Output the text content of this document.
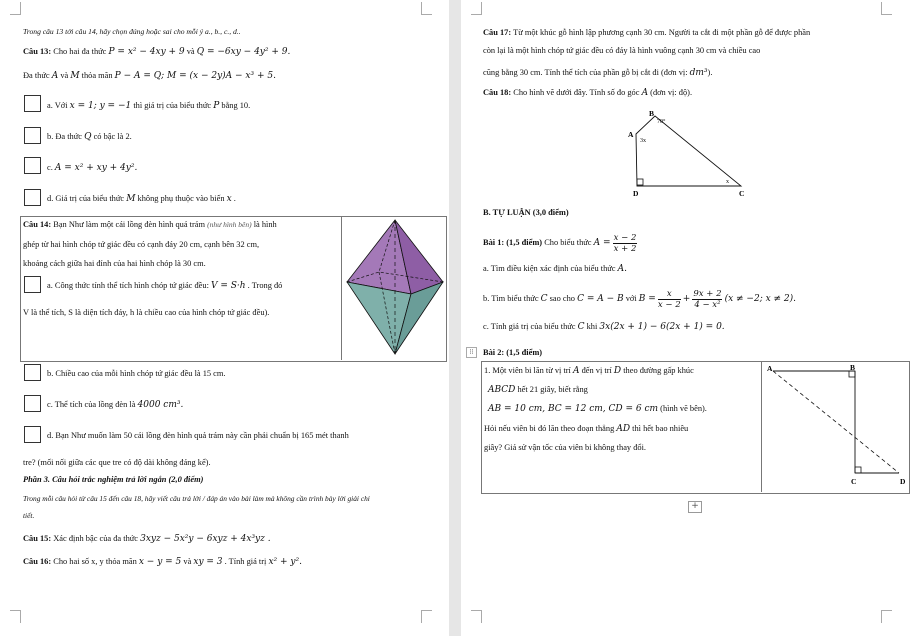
Trong câu 13 tới câu 14, hãy chọn đúng hoặc sai cho mỗi ý a., b., c., d..
Câu 13: Cho hai đa thức P = x² − 4xy + 9 và Q = −6xy − 4y² + 9.
Đa thức A và M thỏa mãn P − A = Q; M = (x − 2y)A − x³ + 5.
a. Với x = 1; y = −1 thì giá trị của biểu thức P bằng 10.
b. Đa thức Q có bậc là 2.
c. A = x² + xy + 4y².
d. Giá trị của biểu thức M không phụ thuộc vào biến x .
Câu 14: Bạn Như làm một cái lồng đèn hình quả trám (như hình bên) là hình
ghép từ hai hình chóp tứ giác đều có cạnh đáy 20 cm, cạnh bên 32 cm,
khoảng cách giữa hai đỉnh của hai hình chóp là 30 cm.
a. Công thức tính thể tích hình chóp tứ giác đều: V = S·h . Trong đó
V là thể tích, S là diện tích đáy, h là chiều cao của hình chóp tứ giác đều).
b. Chiều cao của mỗi hình chóp tứ giác đều là 15 cm.
c. Thể tích của lồng đèn là 4000 cm³.
d. Bạn Như muốn làm 50 cái lồng đèn hình quả trám này cần phải chuẩn bị 165 mét thanh
tre? (mối nối giữa các que tre có độ dài không đáng kể).
Phần 3. Câu hỏi trắc nghiệm trả lời ngắn (2,0 điểm)
Trong mỗi câu hỏi từ câu 15 đến câu 18, hãy viết câu trả lời / đáp án vào bài làm mà không cần trình bày lời giải chi
tiết.
Câu 15: Xác định bậc của đa thức 3xyz − 5x²y − 6xyz + 4x³yz .
Câu 16: Cho hai số x, y thỏa mãn x − y = 5 và xy = 3 . Tính giá trị x² + y².
Câu 17: Từ một khúc gỗ hình lập phương cạnh 30 cm. Người ta cắt đi một phần gỗ để được phần
còn lại là một hình chóp tứ giác đều có đáy là hình vuông cạnh 30 cm và chiều cao
cũng bằng 30 cm. Tính thể tích của phần gỗ bị cắt đi (đơn vị: dm³).
Câu 18: Cho hình vẽ dưới đây. Tính số đo góc A (đơn vị: độ).
B
70°
A
3x
D	C
x
B. TỰ LUẬN (3,0 điểm)
Bài 1: (1,5 điểm) Cho biểu thức $A = \frac{x - 2}{x + 2}$
a. Tìm điều kiện xác định của biểu thức A.
b. Tìm biểu thức C sao cho C = A − B với $B = \frac{x}{x - 2} + \frac{9x + 2}{\text{4 − x²}} (x \ne -2$; x ≠ 2).
c. Tính giá trị của biểu thức C khi 3x(2x + 1) − 6(2x + 1) = 0.
⁞⁞	Bài 2: (1,5 điểm)
1. Một viên bi lăn từ vị trí A đến vị trí D theo đường gấp khúc
ABCD hết 21 giây, biết rằng
AB = 10 cm, BC = 12 cm, CD = 6 cm (hình vẽ bên).
Hỏi nếu viên bi đó lăn theo đoạn thẳng AD thì hết bao nhiêu
giây? Giả sử vận tốc của viên bi không thay đổi.
A	B
C	D
+
